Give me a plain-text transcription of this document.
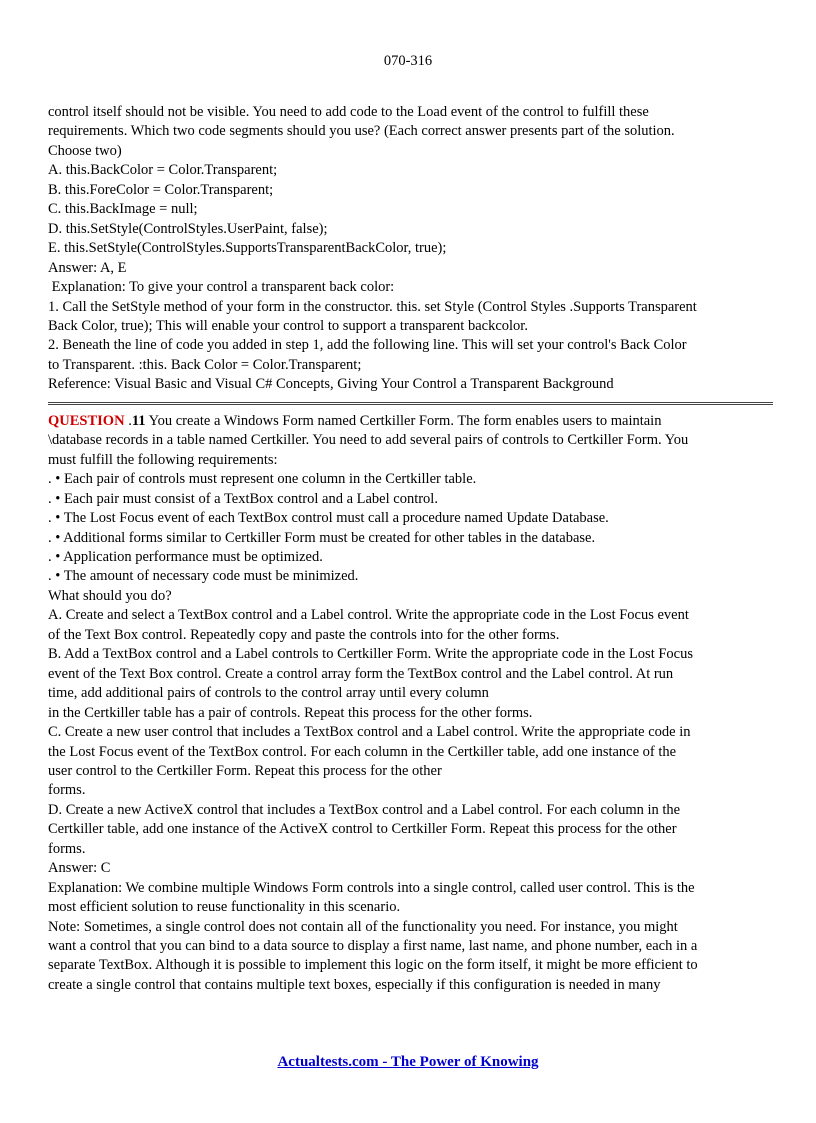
070-316

control itself should not be visible. You need to add code to the Load event of the control to fulfill these

requirements. Which two code segments should you use? (Each correct answer presents part of the solution.

Choose two)

A. this.BackColor = Color.Transparent;

B. this.ForeColor = Color.Transparent;

C. this.BackImage = null;

D. this.SetStyle(ControlStyles.UserPaint, false);

E. this.SetStyle(ControlStyles.SupportsTransparentBackColor, true);

Answer: A, E

Explanation: To give your control a transparent back color:

1. Call the SetStyle method of your form in the constructor. this. set Style (Control Styles .Supports Transparent

Back Color, true); This will enable your control to support a transparent backcolor.

2. Beneath the line of code you added in step 1, add the following line. This will set your control's Back Color

to Transparent. :this. Back Color = Color.Transparent;

Reference: Visual Basic and Visual C# Concepts, Giving Your Control a Transparent Background

QUESTION .11 You create a Windows Form named Certkiller Form. The form enables users to maintain

\database records in a table named Certkiller. You need to add several pairs of controls to Certkiller Form. You

must fulfill the following requirements:

. • Each pair of controls must represent one column in the Certkiller table.

. • Each pair must consist of a TextBox control and a Label control.

. • The Lost Focus event of each TextBox control must call a procedure named Update Database.

. • Additional forms similar to Certkiller Form must be created for other tables in the database.

. • Application performance must be optimized.

. • The amount of necessary code must be minimized.

What should you do?

A. Create and select a TextBox control and a Label control. Write the appropriate code in the Lost Focus event

of the Text Box control. Repeatedly copy and paste the controls into for the other forms.

B. Add a TextBox control and a Label controls to Certkiller Form. Write the appropriate code in the Lost Focus

event of the Text Box control. Create a control array form the TextBox control and the Label control. At run

time, add additional pairs of controls to the control array until every column

in the Certkiller table has a pair of controls. Repeat this process for the other forms.

C. Create a new user control that includes a TextBox control and a Label control. Write the appropriate code in

the Lost Focus event of the TextBox control. For each column in the Certkiller table, add one instance of the

user control to the Certkiller Form. Repeat this process for the other

forms.

D. Create a new ActiveX control that includes a TextBox control and a Label control. For each column in the

Certkiller table, add one instance of the ActiveX control to Certkiller Form. Repeat this process for the other

forms.

Answer: C

Explanation: We combine multiple Windows Form controls into a single control, called user control. This is the

most efficient solution to reuse functionality in this scenario.

Note: Sometimes, a single control does not contain all of the functionality you need. For instance, you might

want a control that you can bind to a data source to display a first name, last name, and phone number, each in a

separate TextBox. Although it is possible to implement this logic on the form itself, it might be more efficient to

create a single control that contains multiple text boxes, especially if this configuration is needed in many

Actualtests.com - The Power of Knowing
